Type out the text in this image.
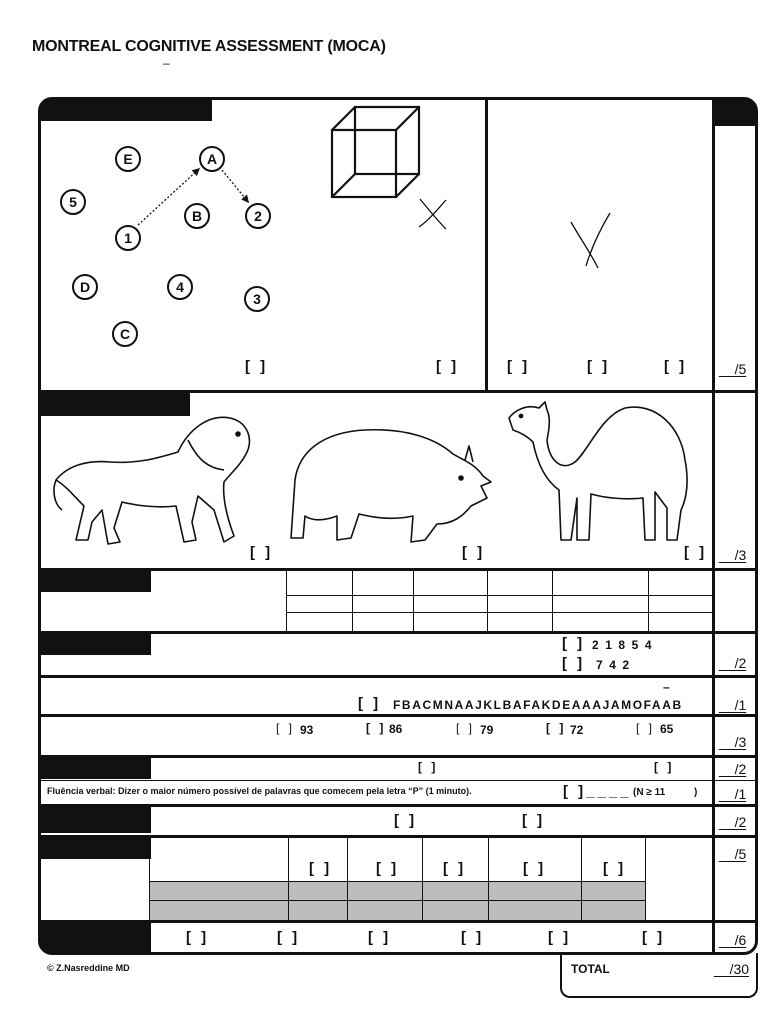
MONTREAL COGNITIVE ASSESSMENT (MOCA)
–
E	A
5
B	2
1
D	4
3
C
[ ]	[ ]	[ ]	[ ]	[ ]
[ ]	[ ]	[ ]
[ ] 2 1 8 5 4
[ ] 7 4 2
–
[ ] FBACMNAAJKLBAFAKDEAAAJAMOFAAB
[ ] 93	[ ] 86	[ ] 79	[ ] 72	[ ] 65
[ ]	[ ]
Fluência verbal: Dizer o maior número possível de palavras que comecem pela letra “P” (1 minuto).	[ ]____ (N ≥ 11	)
[ ]	[ ]
[ ]	[ ]	[ ]	[ ]	[ ]
[ ]	[ ]	[ ]	[ ]	[ ]	[ ]
__/5
__/3
__/2
__/1
__/3
__/2
__/1
__/2
__/5
__/6
© Z.Nasreddine MD	TOTAL	__/30
